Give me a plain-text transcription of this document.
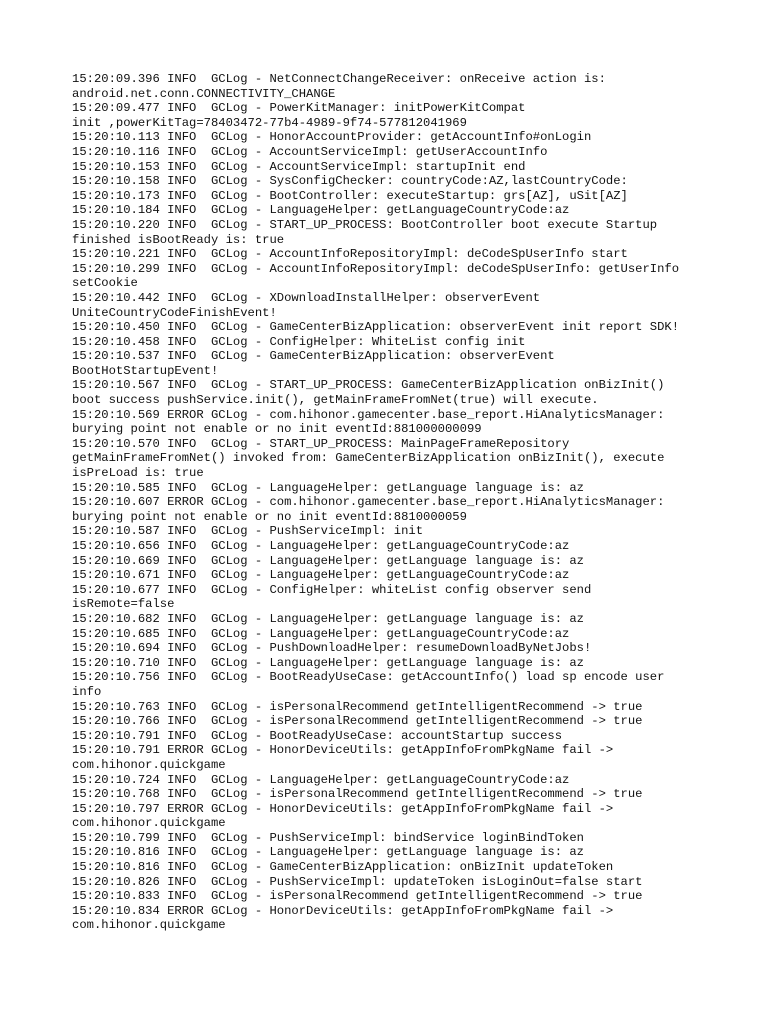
15:20:09.396 INFO  GCLog - NetConnectChangeReceiver: onReceive action is:
android.net.conn.CONNECTIVITY_CHANGE

15:20:09.477 INFO  GCLog - PowerKitManager: initPowerKitCompat
init ,powerKitTag=78403472-77b4-4989-9f74-577812041969

15:20:10.113 INFO  GCLog - HonorAccountProvider: getAccountInfo#onLogin

15:20:10.116 INFO  GCLog - AccountServiceImpl: getUserAccountInfo

15:20:10.153 INFO  GCLog - AccountServiceImpl: startupInit end

15:20:10.158 INFO  GCLog - SysConfigChecker: countryCode:AZ,lastCountryCode:

15:20:10.173 INFO  GCLog - BootController: executeStartup: grs[AZ], uSit[AZ]

15:20:10.184 INFO  GCLog - LanguageHelper: getLanguageCountryCode:az

15:20:10.220 INFO  GCLog - START_UP_PROCESS: BootController boot execute Startup
finished isBootReady is: true

15:20:10.221 INFO  GCLog - AccountInfoRepositoryImpl: deCodeSpUserInfo start

15:20:10.299 INFO  GCLog - AccountInfoRepositoryImpl: deCodeSpUserInfo: getUserInfo
setCookie

15:20:10.442 INFO  GCLog - XDownloadInstallHelper: observerEvent
UniteCountryCodeFinishEvent!

15:20:10.450 INFO  GCLog - GameCenterBizApplication: observerEvent init report SDK!

15:20:10.458 INFO  GCLog - ConfigHelper: WhiteList config init

15:20:10.537 INFO  GCLog - GameCenterBizApplication: observerEvent
BootHotStartupEvent!

15:20:10.567 INFO  GCLog - START_UP_PROCESS: GameCenterBizApplication onBizInit()
boot success pushService.init(), getMainFrameFromNet(true) will execute.

15:20:10.569 ERROR GCLog - com.hihonor.gamecenter.base_report.HiAnalyticsManager:
burying point not enable or no init eventId:881000000099

15:20:10.570 INFO  GCLog - START_UP_PROCESS: MainPageFrameRepository
getMainFrameFromNet() invoked from: GameCenterBizApplication onBizInit(), execute
isPreLoad is: true

15:20:10.585 INFO  GCLog - LanguageHelper: getLanguage language is: az

15:20:10.607 ERROR GCLog - com.hihonor.gamecenter.base_report.HiAnalyticsManager:
burying point not enable or no init eventId:8810000059

15:20:10.587 INFO  GCLog - PushServiceImpl: init

15:20:10.656 INFO  GCLog - LanguageHelper: getLanguageCountryCode:az

15:20:10.669 INFO  GCLog - LanguageHelper: getLanguage language is: az

15:20:10.671 INFO  GCLog - LanguageHelper: getLanguageCountryCode:az

15:20:10.677 INFO  GCLog - ConfigHelper: whiteList config observer send
isRemote=false

15:20:10.682 INFO  GCLog - LanguageHelper: getLanguage language is: az

15:20:10.685 INFO  GCLog - LanguageHelper: getLanguageCountryCode:az

15:20:10.694 INFO  GCLog - PushDownloadHelper: resumeDownloadByNetJobs!

15:20:10.710 INFO  GCLog - LanguageHelper: getLanguage language is: az

15:20:10.756 INFO  GCLog - BootReadyUseCase: getAccountInfo() load sp encode user
info

15:20:10.763 INFO  GCLog - isPersonalRecommend getIntelligentRecommend -> true

15:20:10.766 INFO  GCLog - isPersonalRecommend getIntelligentRecommend -> true

15:20:10.791 INFO  GCLog - BootReadyUseCase: accountStartup success

15:20:10.791 ERROR GCLog - HonorDeviceUtils: getAppInfoFromPkgName fail ->
com.hihonor.quickgame

15:20:10.724 INFO  GCLog - LanguageHelper: getLanguageCountryCode:az

15:20:10.768 INFO  GCLog - isPersonalRecommend getIntelligentRecommend -> true

15:20:10.797 ERROR GCLog - HonorDeviceUtils: getAppInfoFromPkgName fail ->
com.hihonor.quickgame

15:20:10.799 INFO  GCLog - PushServiceImpl: bindService loginBindToken

15:20:10.816 INFO  GCLog - LanguageHelper: getLanguage language is: az

15:20:10.816 INFO  GCLog - GameCenterBizApplication: onBizInit updateToken

15:20:10.826 INFO  GCLog - PushServiceImpl: updateToken isLoginOut=false start

15:20:10.833 INFO  GCLog - isPersonalRecommend getIntelligentRecommend -> true

15:20:10.834 ERROR GCLog - HonorDeviceUtils: getAppInfoFromPkgName fail ->
com.hihonor.quickgame
